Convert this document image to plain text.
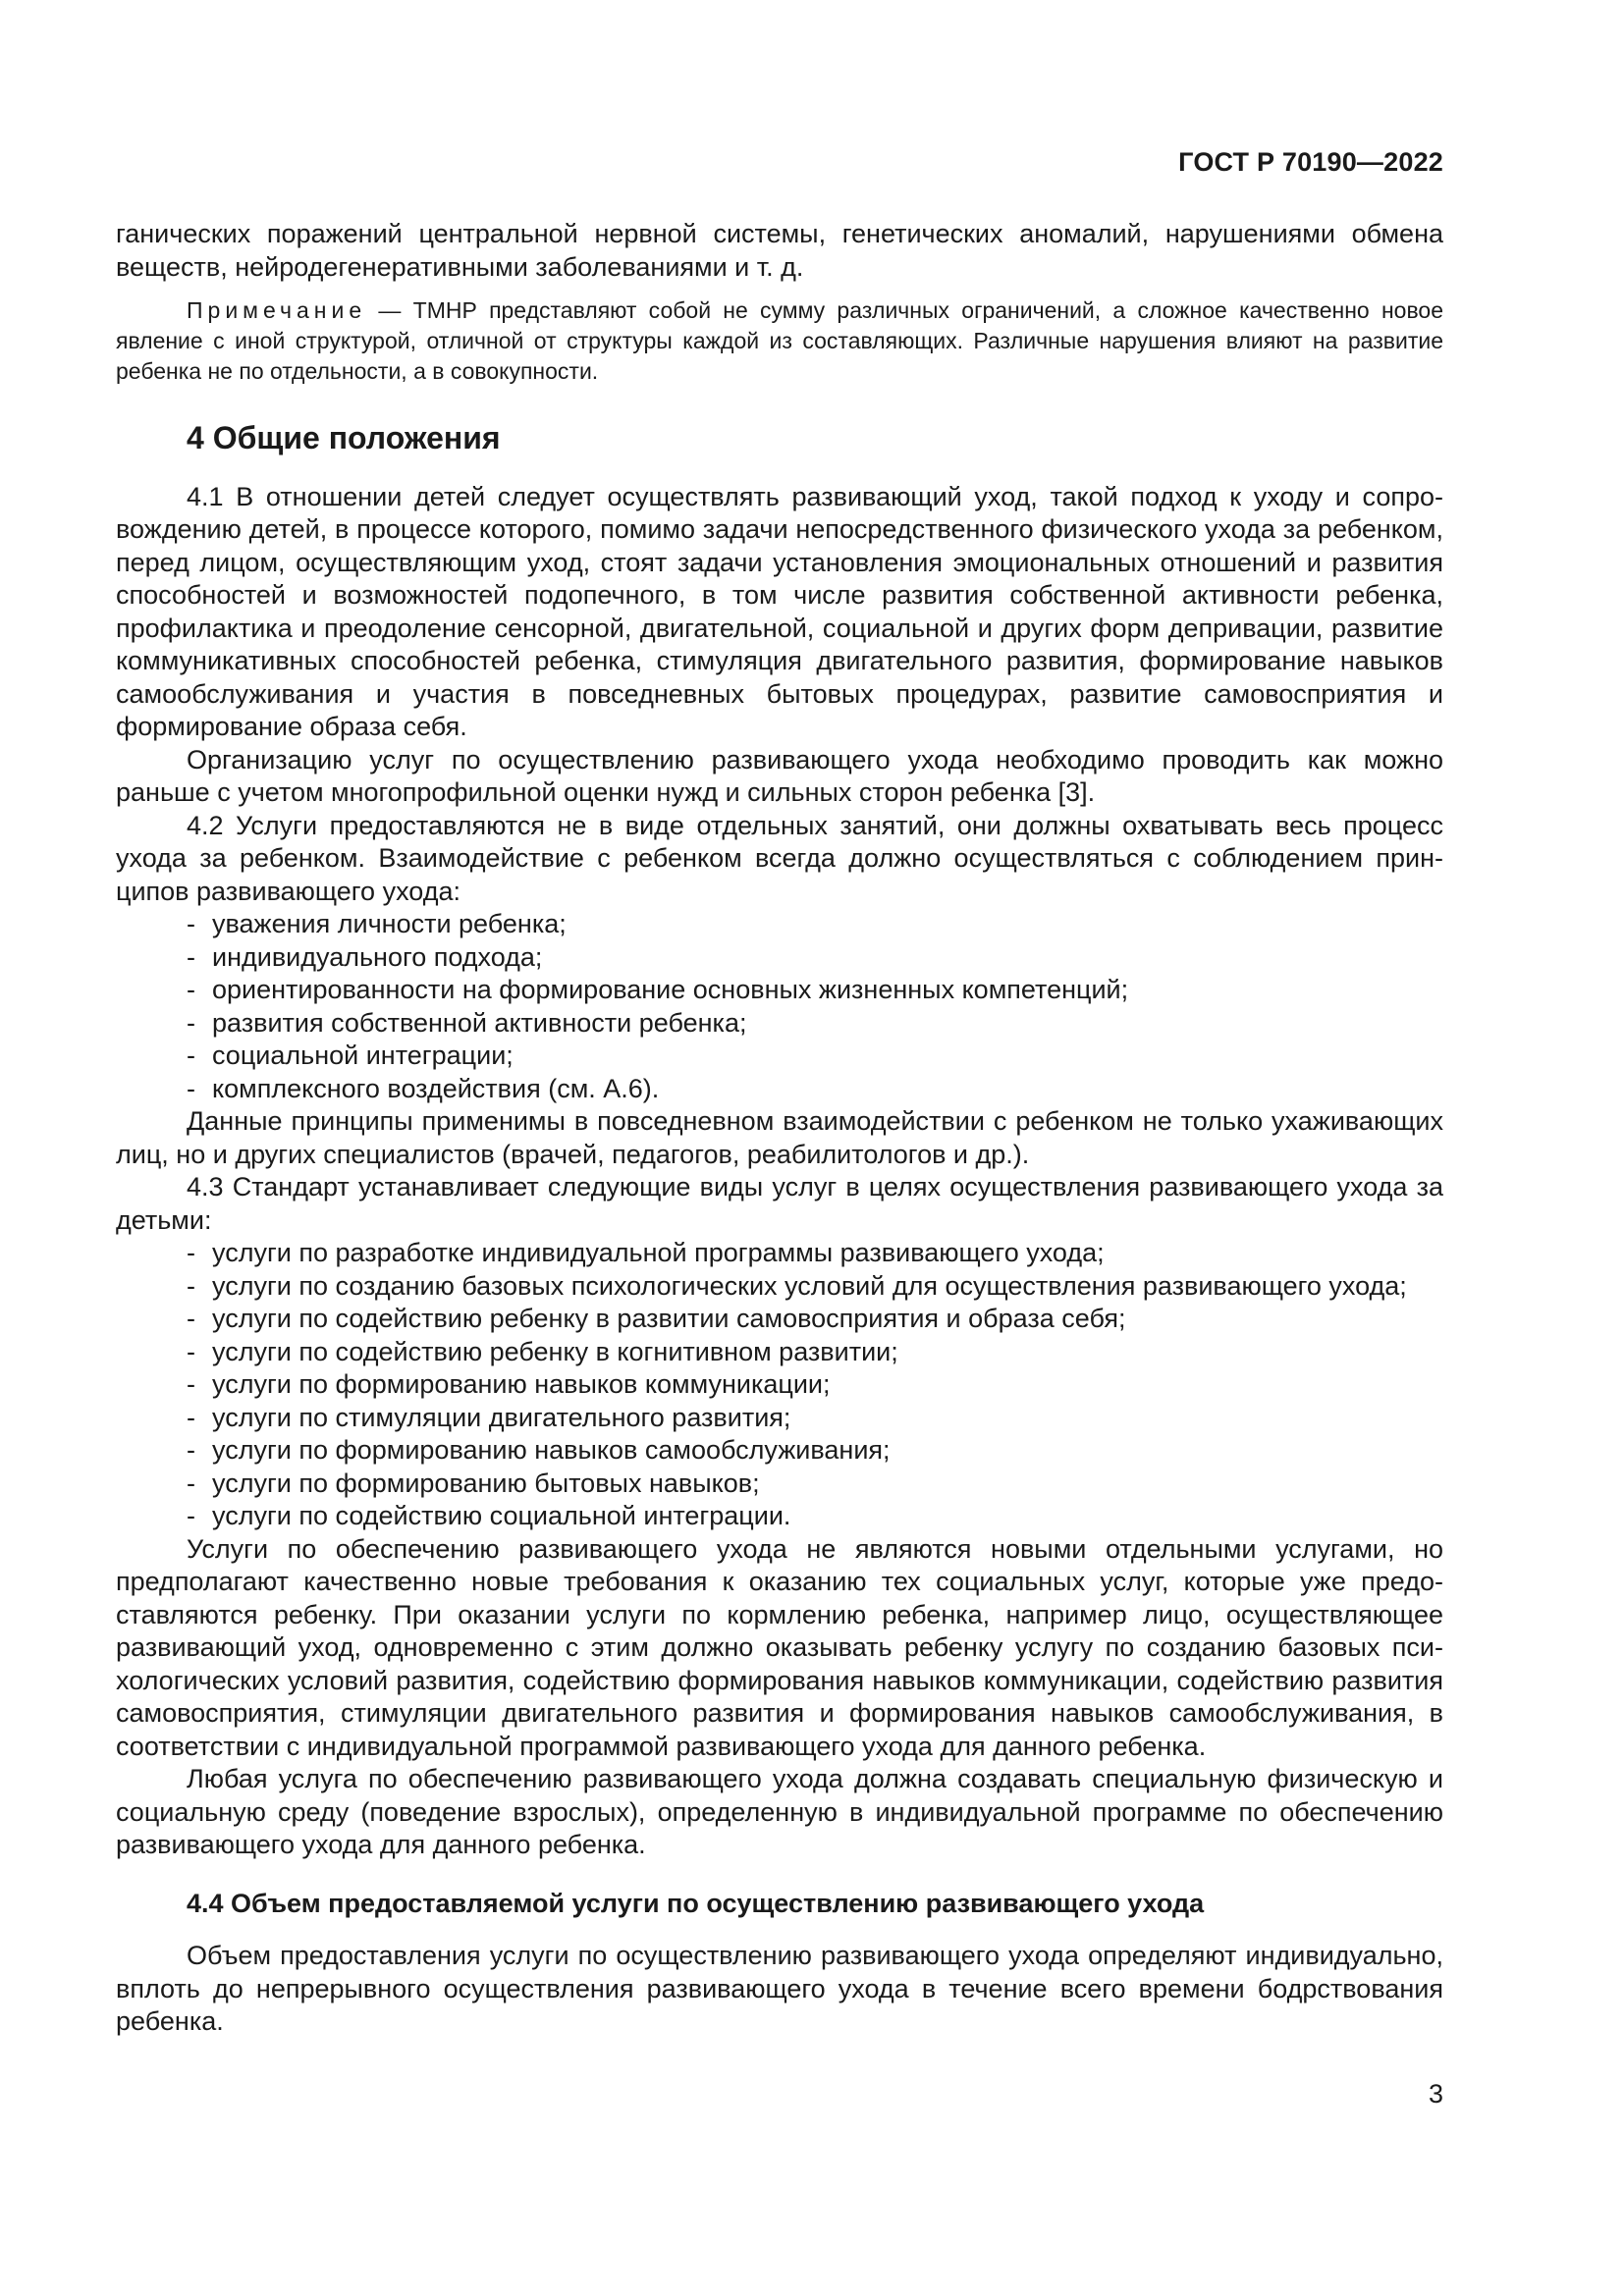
ГОСТ Р 70190—2022

ганических поражений центральной нервной системы, генетических аномалий, нарушениями обмена веществ, нейродегенеративными заболеваниями и т. д.

Примечание — ТМНР представляют собой не сумму различных ограничений, а сложное качественно новое явление с иной структурой, отличной от структуры каждой из составляющих. Различные нарушения влияют на развитие ребенка не по отдельности, а в совокупности.

4 Общие положения

4.1 В отношении детей следует осуществлять развивающий уход, такой подход к уходу и сопровождению детей, в процессе которого, помимо задачи непосредственного физического ухода за ребенком, перед лицом, осуществляющим уход, стоят задачи установления эмоциональных отношений и развития способностей и возможностей подопечного, в том числе развития собственной активности ребенка, профилактика и преодоление сенсорной, двигательной, социальной и других форм депривации, развитие коммуникативных способностей ребенка, стимуляция двигательного развития, формирование навыков самообслуживания и участия в повседневных бытовых процедурах, развитие самовосприятия и формирование образа себя.

Организацию услуг по осуществлению развивающего ухода необходимо проводить как можно раньше с учетом многопрофильной оценки нужд и сильных сторон ребенка [3].

4.2 Услуги предоставляются не в виде отдельных занятий, они должны охватывать весь процесс ухода за ребенком. Взаимодействие с ребенком всегда должно осуществляться с соблюдением принципов развивающего ухода:

- уважения личности ребенка;
- индивидуального подхода;
- ориентированности на формирование основных жизненных компетенций;
- развития собственной активности ребенка;
- социальной интеграции;
- комплексного воздействия (см. А.6).

Данные принципы применимы в повседневном взаимодействии с ребенком не только ухаживающих лиц, но и других специалистов (врачей, педагогов, реабилитологов и др.).

4.3 Стандарт устанавливает следующие виды услуг в целях осуществления развивающего ухода за детьми:

- услуги по разработке индивидуальной программы развивающего ухода;
- услуги по созданию базовых психологических условий для осуществления развивающего ухода;
- услуги по содействию ребенку в развитии самовосприятия и образа себя;
- услуги по содействию ребенку в когнитивном развитии;
- услуги по формированию навыков коммуникации;
- услуги по стимуляции двигательного развития;
- услуги по формированию навыков самообслуживания;
- услуги по формированию бытовых навыков;
- услуги по содействию социальной интеграции.

Услуги по обеспечению развивающего ухода не являются новыми отдельными услугами, но предполагают качественно новые требования к оказанию тех социальных услуг, которые уже предоставляются ребенку. При оказании услуги по кормлению ребенка, например лицо, осуществляющее развивающий уход, одновременно с этим должно оказывать ребенку услугу по созданию базовых психологических условий развития, содействию формирования навыков коммуникации, содействию развития самовосприятия, стимуляции двигательного развития и формирования навыков самообслуживания, в соответствии с индивидуальной программой развивающего ухода для данного ребенка.

Любая услуга по обеспечению развивающего ухода должна создавать специальную физическую и социальную среду (поведение взрослых), определенную в индивидуальной программе по обеспечению развивающего ухода для данного ребенка.

4.4 Объем предоставляемой услуги по осуществлению развивающего ухода

Объем предоставления услуги по осуществлению развивающего ухода определяют индивидуально, вплоть до непрерывного осуществления развивающего ухода в течение всего времени бодрствования ребенка.

3
